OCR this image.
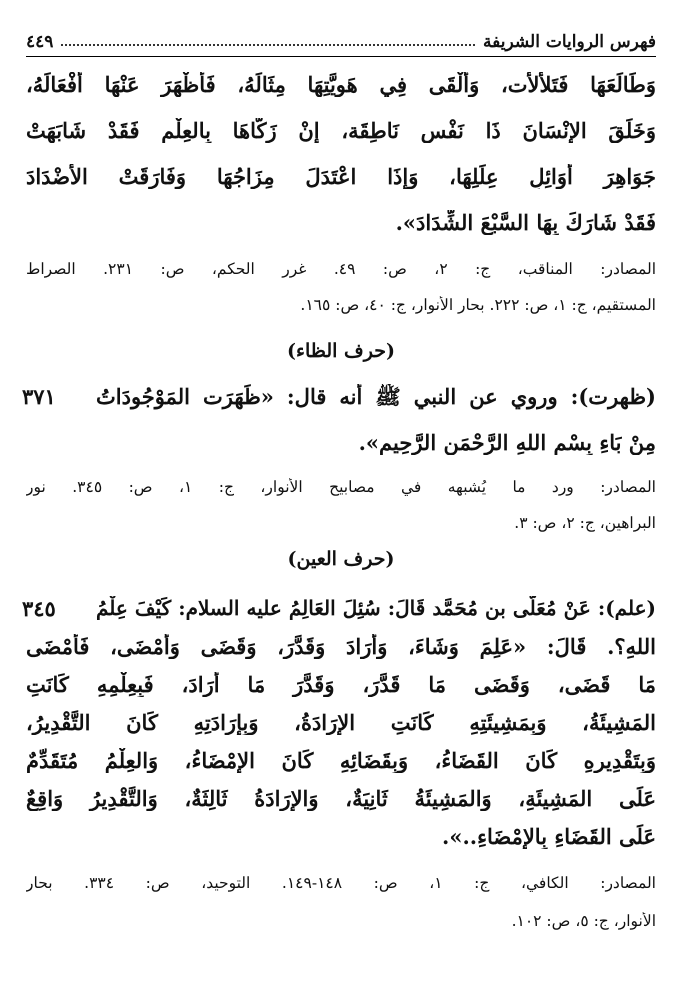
فهرس الروايات الشريفة
٤٤٩
وَطَالَعَهَا فَتَلأْلأَت، وَأَلْقَى فِي هَوِيَّتِهَا مِثَالَهُ، فَأَظْهَرَ عَنْهَا أَفْعَالَهُ،
وَخَلَقَ الإِنْسَانَ ذَا نَفْسٍ نَاطِقَة، إِنْ زَكَّاهَا بِالعِلْمِ فَقَدْ شَابَهَتْ
جَوَاهِرَ أَوَائِلِ عِلَلِهَا، وَإِذَا اعْتَدَلَ مِزَاجُهَا وَفَارَقَتْ الأَضْدَادَ
فَقَدْ شَارَكَ بِهَا السَّبْعَ الشِّدَادَ».
المصادر: المناقب، ج: ٢، ص: ٤٩. غرر الحكم، ص: ٢٣١. الصراط
المستقيم، ج: ١، ص: ٢٢٢. بحار الأنوار، ج: ٤٠، ص: ١٦٥.
(حرف الظاء)
٣٧١ (ظهرت): وروي عن النبي ﷺ أنه قال: «ظَهَرَت المَوْجُودَاتُ
مِنْ بَاءِ بِسْمِ اللهِ الرَّحْمَنِ الرَّحِيمِ».
المصادر: ورد ما يُشبهه في مصابيح الأنوار، ج: ١، ص: ٣٤٥. نور
البراهين، ج: ٢، ص: ٣.
(حرف العين)
٣٤٥ (علم): عَنْ مُعَلَّى بن مُحَمَّد قَالَ: سُئِلَ العَالِمُ عليه السلام: كَيْفَ عِلْمُ
اللهِ؟. قَالَ: «عَلِمَ وَشَاءَ، وَأَرَادَ وَقَدَّرَ، وَقَضَى وَأَمْضَى، فَأَمْضَى
مَا قَضَى، وَقَضَى مَا قَدَّرَ، وَقَدَّرَ مَا أَرَادَ، فَبِعِلْمِهِ كَانَتِ
المَشِيئَةُ، وَبِمَشِيئَتِهِ كَانَتِ الإِرَادَةُ، وَبِإِرَادَتِهِ كَانَ التَّقْدِيرُ،
وَبِتَقْدِيرِهِ كَانَ القَضَاءُ، وَبِقَضَائِهِ كَانَ الإِمْضَاءُ، وَالعِلْمُ مُتَقَدِّمٌ
عَلَى المَشِيئَةِ، وَالمَشِيئَةُ ثَانِيَةٌ، وَالإِرَادَةُ ثَالِثَةٌ، وَالتَّقْدِيرُ وَاقِعٌ
عَلَى القَضَاءِ بِالإِمْضَاءِ..».
المصادر: الكافي، ج: ١، ص: ١٤٨-١٤٩. التوحيد، ص: ٣٣٤. بحار
الأنوار، ج: ٥، ص: ١٠٢.
